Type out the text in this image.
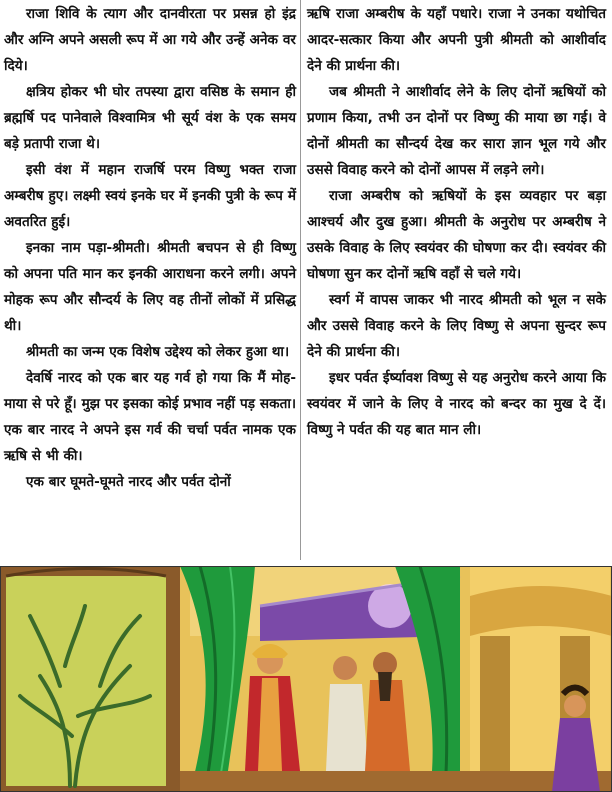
राजा शिवि के त्याग और दानवीरता पर प्रसन्न हो इंद्र और अग्नि अपने असली रूप में आ गये और उन्हें अनेक वर दिये।

क्षत्रिय होकर भी घोर तपस्या द्वारा वसिष्ठ के समान ही ब्रह्मर्षि पद पानेवाले विश्वामित्र भी सूर्य वंश के एक समय बड़े प्रतापी राजा थे।

इसी वंश में महान राजर्षि परम विष्णु भक्त राजा अम्बरीष हुए। लक्ष्मी स्वयं इनके घर में इनकी पुत्री के रूप में अवतरित हुई।

इनका नाम पड़ा-श्रीमती। श्रीमती बचपन से ही विष्णु को अपना पति मान कर इनकी आराधना करने लगी। अपने मोहक रूप और सौन्दर्य के लिए वह तीनों लोकों में प्रसिद्ध थी।

श्रीमती का जन्म एक विशेष उद्देश्य को लेकर हुआ था।

देवर्षि नारद को एक बार यह गर्व हो गया कि मैं मोह-माया से परे हूँ। मुझ पर इसका कोई प्रभाव नहीं पड़ सकता। एक बार नारद ने अपने इस गर्व की चर्चा पर्वत नामक एक ऋषि से भी की।

एक बार घूमते-घूमते नारद और पर्वत दोनों

ऋषि राजा अम्बरीष के यहाँ पधारे। राजा ने उनका यथोचित आदर-सत्कार किया और अपनी पुत्री श्रीमती को आशीर्वाद देने की प्रार्थना की।

जब श्रीमती ने आशीर्वाद लेने के लिए दोनों ऋषियों को प्रणाम किया, तभी उन दोनों पर विष्णु की माया छा गई। वे दोनों श्रीमती का सौन्दर्य देख कर सारा ज्ञान भूल गये और उससे विवाह करने को दोनों आपस में लड़ने लगे।

राजा अम्बरीष को ऋषियों के इस व्यवहार पर बड़ा आश्चर्य और दुख हुआ। श्रीमती के अनुरोध पर अम्बरीष ने उसके विवाह के लिए स्वयंवर की घोषणा कर दी। स्वयंवर की घोषणा सुन कर दोनों ऋषि वहाँ से चले गये।

स्वर्ग में वापस जाकर भी नारद श्रीमती को भूल न सके और उससे विवाह करने के लिए विष्णु से अपना सुन्दर रूप देने की प्रार्थना की।

इधर पर्वत ईर्ष्यावश विष्णु से यह अनुरोध करने आया कि स्वयंवर में जाने के लिए वे नारद को बन्दर का मुख दे दें। विष्णु ने पर्वत की यह बात मान ली।
